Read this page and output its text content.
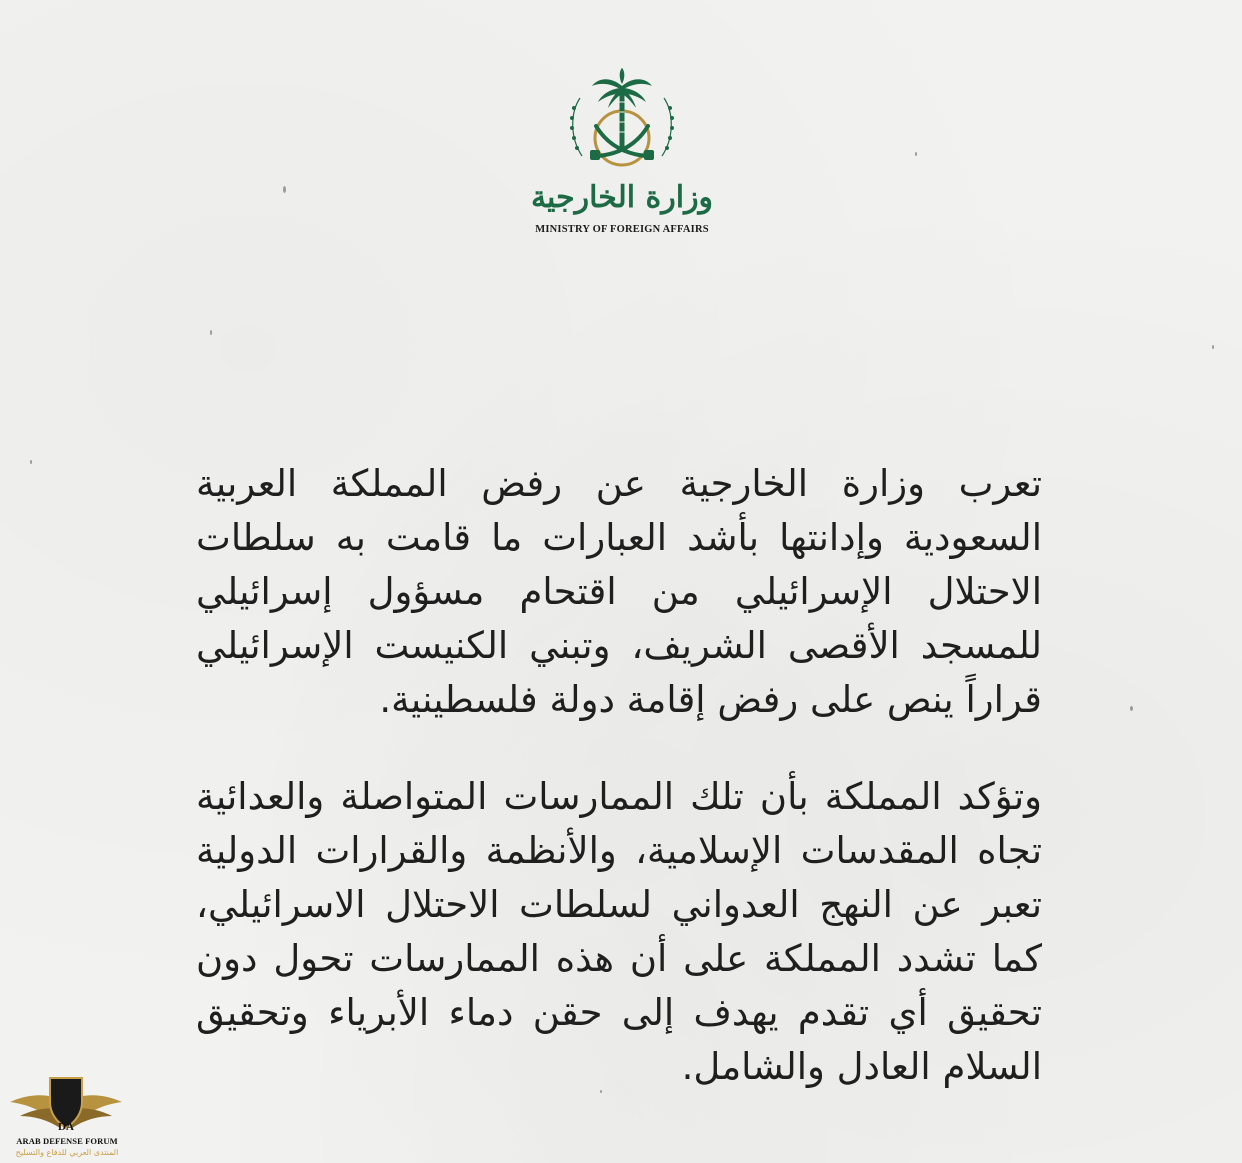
وزارة الخارجية
MINISTRY OF FOREIGN AFFAIRS

تعرب وزارة الخارجية عن رفض المملكة العربية السعودية وإدانتها بأشد العبارات ما قامت به سلطات الاحتلال الإسرائيلي من اقتحام مسؤول إسرائيلي للمسجد الأقصى الشريف، وتبني الكنيست الإسرائيلي قراراً ينص على رفض إقامة دولة فلسطينية.

وتؤكد المملكة بأن تلك الممارسات المتواصلة والعدائية تجاه المقدسات الإسلامية، والأنظمة والقرارات الدولية تعبر عن النهج العدواني لسلطات الاحتلال الاسرائيلي، كما تشدد المملكة على أن هذه الممارسات تحول دون تحقيق أي تقدم يهدف إلى حقن دماء الأبرياء وتحقيق السلام العادل والشامل.

DA
ARAB DEFENSE FORUM
المنتدى العربي للدفاع والتسليح
